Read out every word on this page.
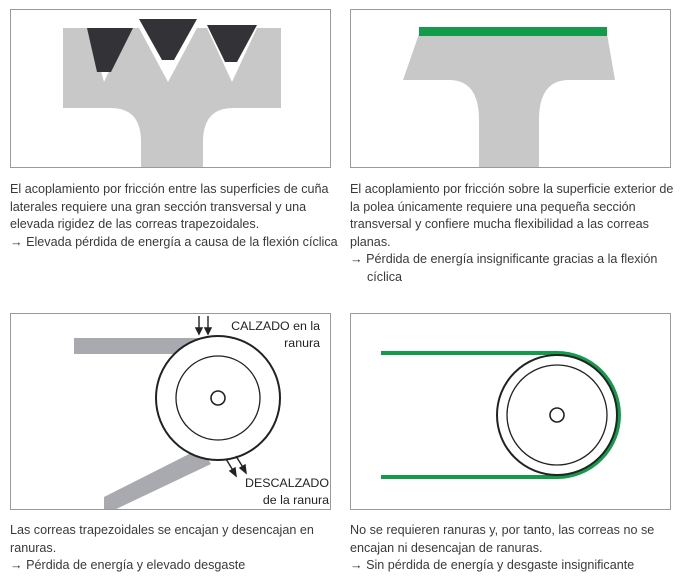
El acoplamiento por fricción entre las superficies de cuña laterales requiere una gran sección transversal y una elevada rigidez de las correas trapezoidales.

→ Elevada pérdida de energía a causa de la flexión cíclica

El acoplamiento por fricción sobre la superficie exterior de la polea únicamente requiere una pequeña sección transversal y confiere mucha flexibilidad a las correas planas.

→ Pérdida de energía insignificante gracias a la flexión cíclica

CALZADO en la
ranura
DESCALZADO
de la ranura

Las correas trapezoidales se encajan y desencajan en ranuras.

→ Pérdida de energía y elevado desgaste

No se requieren ranuras y, por tanto, las correas no se encajan ni desencajan de ranuras.

→ Sin pérdida de energía y desgaste insignificante
